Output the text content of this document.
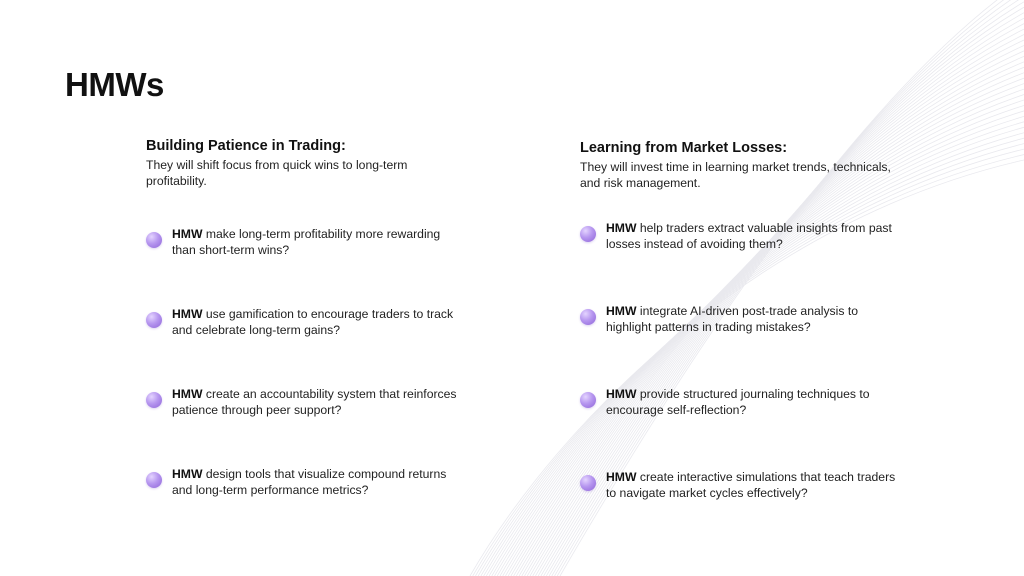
HMWs
Building Patience in Trading:

They will shift focus from quick wins to long-term profitability.

HMW make long-term profitability more rewarding than short-term wins?
HMW use gamification to encourage traders to track and celebrate long-term gains?
HMW create an accountability system that reinforces patience through peer support?
HMW design tools that visualize compound returns and long-term performance metrics?
Learning from Market Losses:

They will invest time in learning market trends, technicals, and risk management.

HMW help traders extract valuable insights from past losses instead of avoiding them?
HMW integrate AI-driven post-trade analysis to highlight patterns in trading mistakes?
HMW provide structured journaling techniques to encourage self-reflection?
HMW create interactive simulations that teach traders to navigate market cycles effectively?
